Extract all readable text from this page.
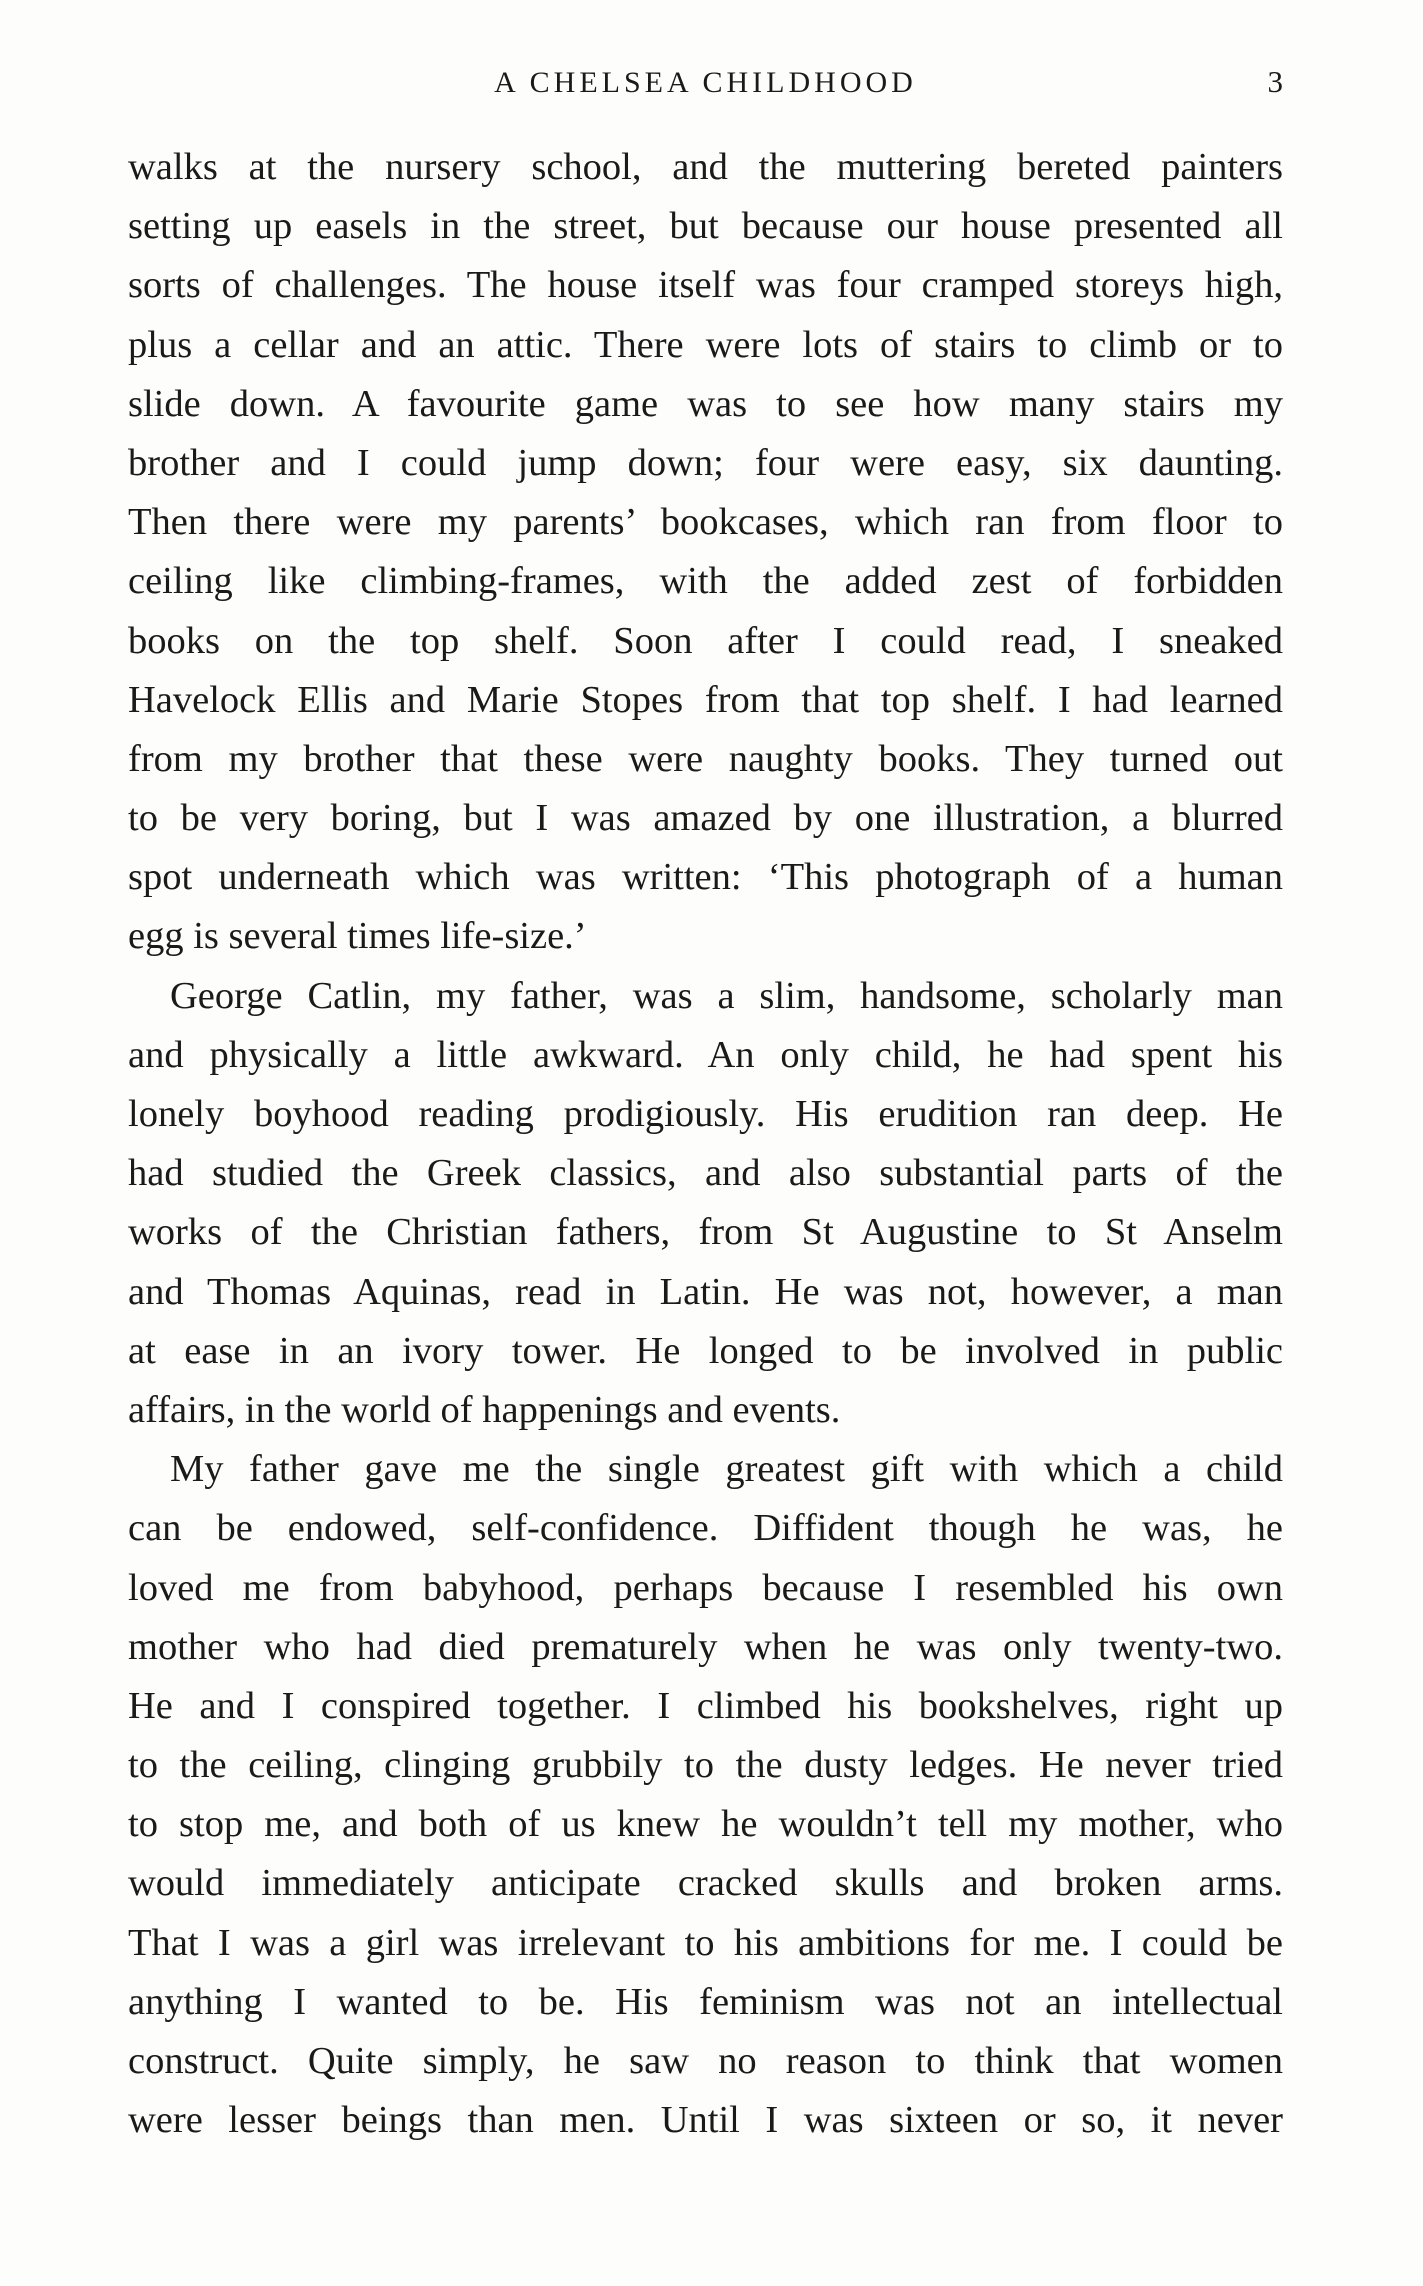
A CHELSEA CHILDHOOD	3
walks at the nursery school, and the muttering bereted painters
setting up easels in the street, but because our house presented all
sorts of challenges. The house itself was four cramped storeys high,
plus a cellar and an attic. There were lots of stairs to climb or to
slide down. A favourite game was to see how many stairs my
brother and I could jump down; four were easy, six daunting.
Then there were my parents’ bookcases, which ran from floor to
ceiling like climbing-frames, with the added zest of forbidden
books on the top shelf. Soon after I could read, I sneaked
Havelock Ellis and Marie Stopes from that top shelf. I had learned
from my brother that these were naughty books. They turned out
to be very boring, but I was amazed by one illustration, a blurred
spot underneath which was written: ‘This photograph of a human
egg is several times life-size.’
George Catlin, my father, was a slim, handsome, scholarly man
and physically a little awkward. An only child, he had spent his
lonely boyhood reading prodigiously. His erudition ran deep. He
had studied the Greek classics, and also substantial parts of the
works of the Christian fathers, from St Augustine to St Anselm
and Thomas Aquinas, read in Latin. He was not, however, a man
at ease in an ivory tower. He longed to be involved in public
affairs, in the world of happenings and events.
My father gave me the single greatest gift with which a child
can be endowed, self-confidence. Diffident though he was, he
loved me from babyhood, perhaps because I resembled his own
mother who had died prematurely when he was only twenty-two.
He and I conspired together. I climbed his bookshelves, right up
to the ceiling, clinging grubbily to the dusty ledges. He never tried
to stop me, and both of us knew he wouldn’t tell my mother, who
would immediately anticipate cracked skulls and broken arms.
That I was a girl was irrelevant to his ambitions for me. I could be
anything I wanted to be. His feminism was not an intellectual
construct. Quite simply, he saw no reason to think that women
were lesser beings than men. Until I was sixteen or so, it never
